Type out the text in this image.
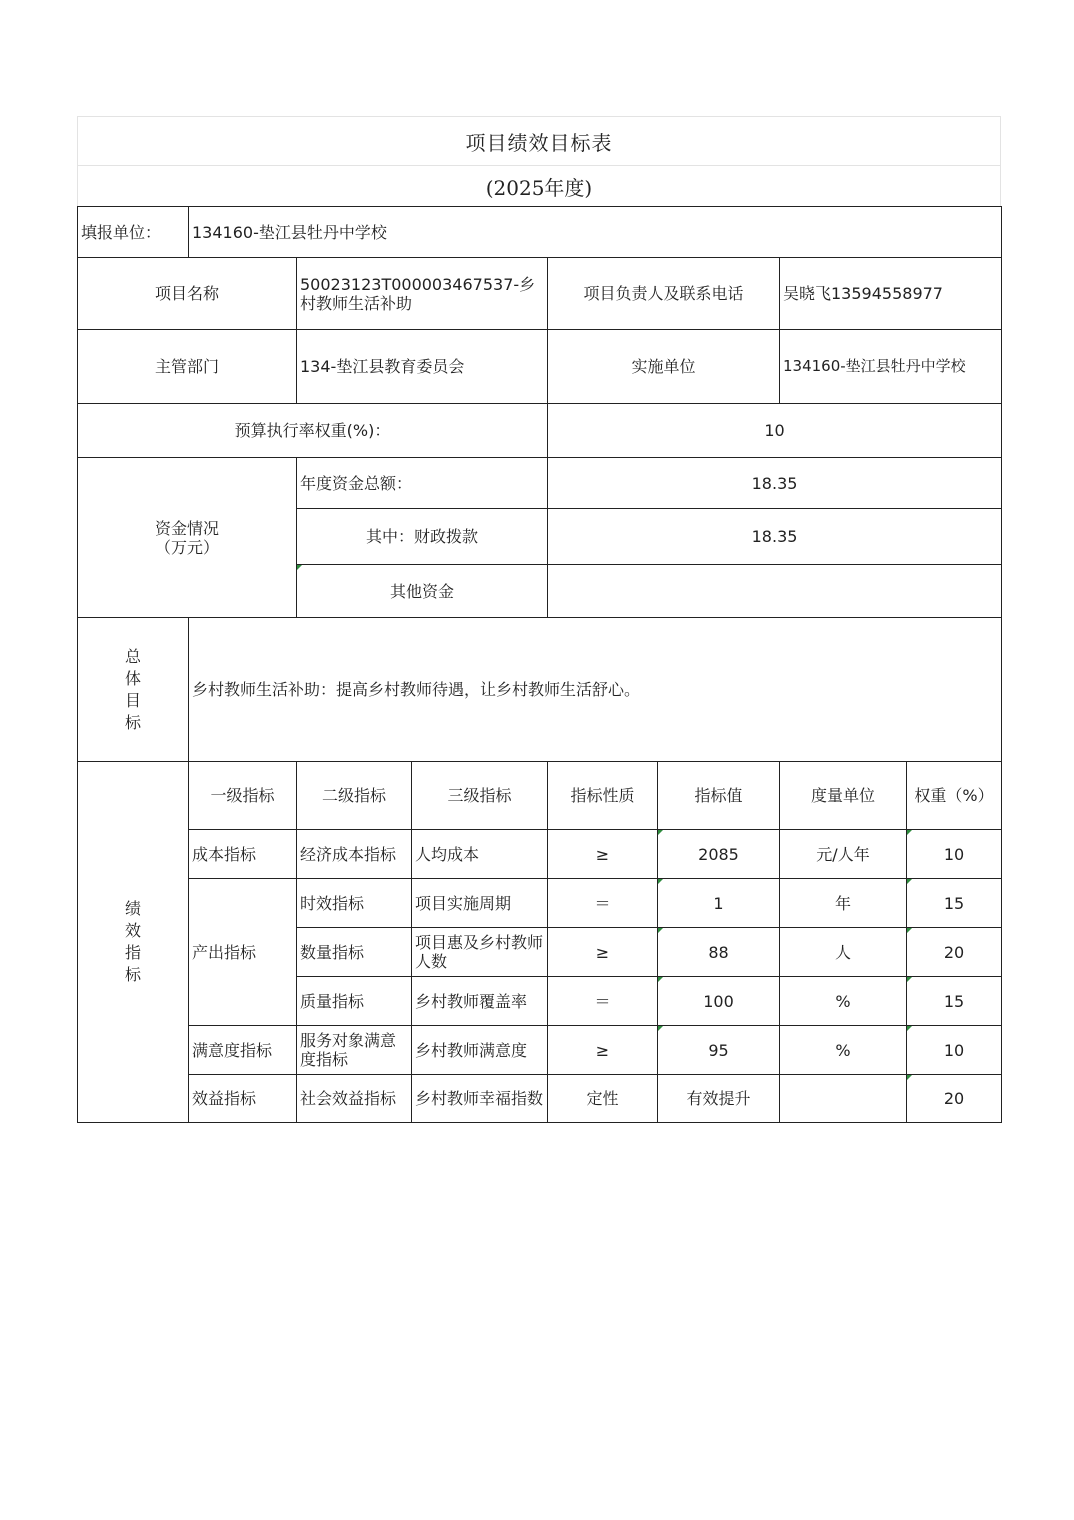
项目绩效目标表
(2025年度)
填报单位：	134160-垫江县牡丹中学校						
项目名称		50023123T000003467537-乡村教师生活补助		项目负责人及联系电话		吴晓飞13594558977	
主管部门		134-垫江县教育委员会		实施单位		134160-垫江县牡丹中学校	
预算执行率权重(%)：				10			

资金情况
（万元）		年度资金总额：		18.35			
		其中：财政拨款		18.35			
		其他资金					

总
体
目
标	乡村教师生活补助：提高乡村教师待遇，让乡村教师生活舒心。						

绩
效
指
标	一级指标	二级指标	三级指标	指标性质	指标值	度量单位	权重（%）
	成本指标	经济成本指标	人均成本	≥	2085	元/人年	10
	产出指标	时效指标	项目实施周期	＝	1	年	15
		数量指标	项目惠及乡村教师人数	≥	88	人	20
		质量指标	乡村教师覆盖率	＝	100	%	15
	满意度指标	服务对象满意度指标	乡村教师满意度	≥	95	%	10
	效益指标	社会效益指标	乡村教师幸福指数	定性	有效提升		20
